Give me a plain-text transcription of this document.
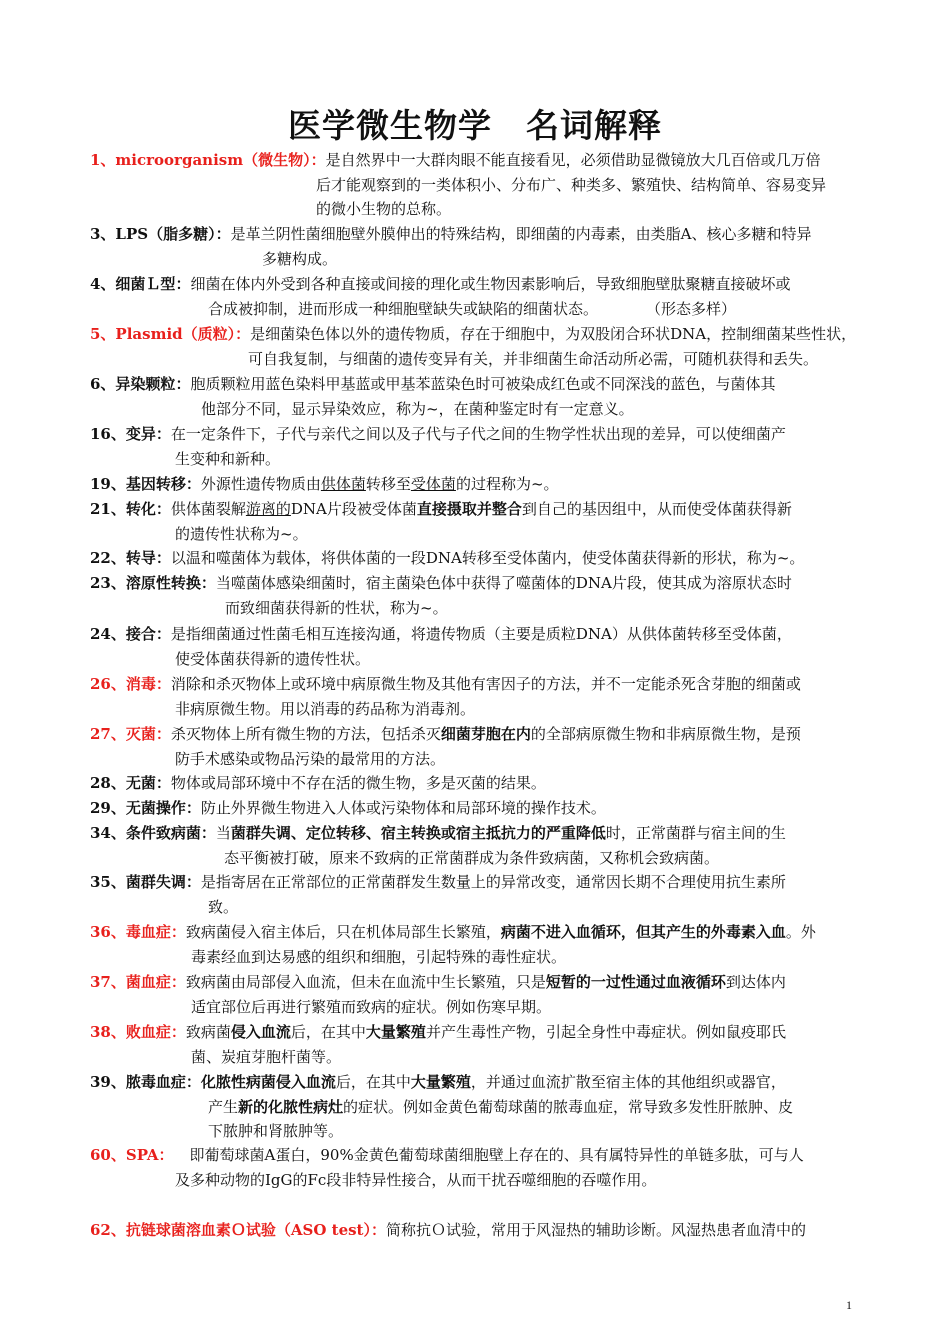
医学微生物学　名词解释
1、microorganism（微生物）：是自然界中一大群肉眼不能直接看见，必须借助显微镜放大几百倍或几万倍
后才能观察到的一类体积小、分布广、种类多、繁殖快、结构简单、容易变异
的微小生物的总称。
3、LPS（脂多糖）：是革兰阴性菌细胞壁外膜伸出的特殊结构，即细菌的内毒素，由类脂A、核心多糖和特异
多糖构成。
4、细菌Ｌ型：细菌在体内外受到各种直接或间接的理化或生物因素影响后，导致细胞壁肽聚糖直接破坏或
合成被抑制，进而形成一种细胞壁缺失或缺陷的细菌状态。	（形态多样）
5、Plasmid（质粒）：是细菌染色体以外的遗传物质，存在于细胞中，为双股闭合环状DNA，控制细菌某些性状，
可自我复制，与细菌的遗传变异有关，并非细菌生命活动所必需，可随机获得和丢失。
6、异染颗粒：胞质颗粒用蓝色染料甲基蓝或甲基苯蓝染色时可被染成红色或不同深浅的蓝色，与菌体其
他部分不同，显示异染效应，称为~，在菌种鉴定时有一定意义。
16、变异：在一定条件下，子代与亲代之间以及子代与子代之间的生物学性状出现的差异，可以使细菌产
生变种和新种。
19、基因转移：外源性遗传物质由供体菌转移至受体菌的过程称为~。
21、转化：供体菌裂解游离的DNA片段被受体菌直接摄取并整合到自己的基因组中，从而使受体菌获得新
的遗传性状称为~。
22、转导：以温和噬菌体为载体，将供体菌的一段DNA转移至受体菌内，使受体菌获得新的形状，称为~。
23、溶原性转换：当噬菌体感染细菌时，宿主菌染色体中获得了噬菌体的DNA片段，使其成为溶原状态时
而致细菌获得新的性状，称为~。
24、接合：是指细菌通过性菌毛相互连接沟通，将遗传物质（主要是质粒DNA）从供体菌转移至受体菌，
使受体菌获得新的遗传性状。
26、消毒：消除和杀灭物体上或环境中病原微生物及其他有害因子的方法，并不一定能杀死含芽胞的细菌或
非病原微生物。用以消毒的药品称为消毒剂。
27、灭菌：杀灭物体上所有微生物的方法，包括杀灭细菌芽胞在内的全部病原微生物和非病原微生物，是预
防手术感染或物品污染的最常用的方法。
28、无菌：物体或局部环境中不存在活的微生物，多是灭菌的结果。
29、无菌操作：防止外界微生物进入人体或污染物体和局部环境的操作技术。
34、条件致病菌：当菌群失调、定位转移、宿主转换或宿主抵抗力的严重降低时，正常菌群与宿主间的生
态平衡被打破，原来不致病的正常菌群成为条件致病菌，又称机会致病菌。
35、菌群失调：是指寄居在正常部位的正常菌群发生数量上的异常改变，通常因长期不合理使用抗生素所
致。
36、毒血症：致病菌侵入宿主体后，只在机体局部生长繁殖，病菌不进入血循环，但其产生的外毒素入血。外
毒素经血到达易感的组织和细胞，引起特殊的毒性症状。
37、菌血症：致病菌由局部侵入血流，但未在血流中生长繁殖，只是短暂的一过性通过血液循环到达体内
适宜部位后再进行繁殖而致病的症状。例如伤寒早期。
38、败血症：致病菌侵入血流后，在其中大量繁殖并产生毒性产物，引起全身性中毒症状。例如鼠疫耶氏
菌、炭疽芽胞杆菌等。
39、脓毒血症：化脓性病菌侵入血流后，在其中大量繁殖，并通过血流扩散至宿主体的其他组织或器官，
产生新的化脓性病灶的症状。例如金黄色葡萄球菌的脓毒血症，常导致多发性肝脓肿、皮
下脓肿和肾脓肿等。
60、SPA： 即葡萄球菌A蛋白，90%金黄色葡萄球菌细胞壁上存在的、具有属特异性的单链多肽，可与人
及多种动物的IgG的Fc段非特异性接合，从而干扰吞噬细胞的吞噬作用。
62、抗链球菌溶血素Ｏ试验（ASO test）：简称抗Ｏ试验，常用于风湿热的辅助诊断。风湿热患者血清中的
1
